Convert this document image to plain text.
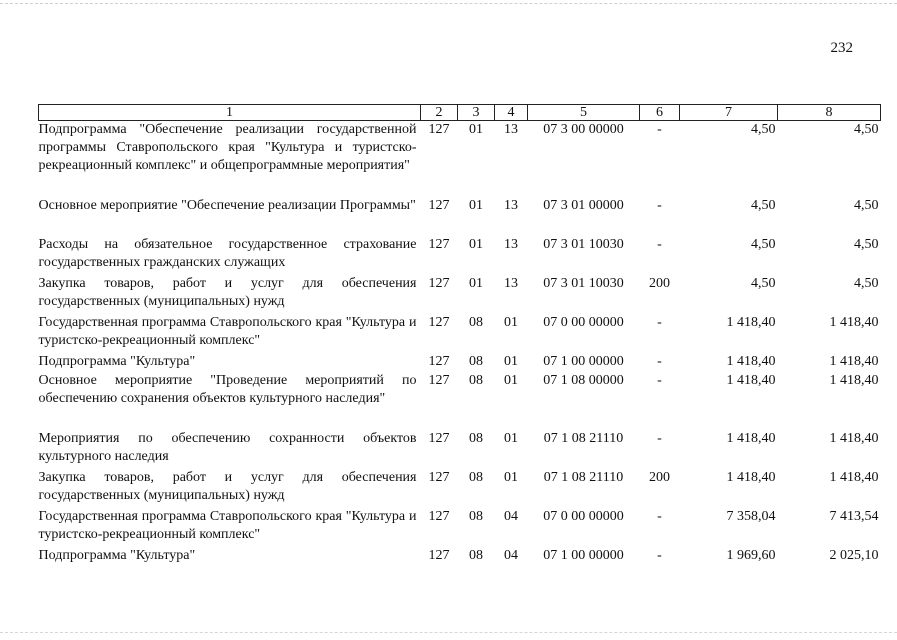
232
1	2	3	4	5	6	7	8
Подпрограмма "Обеспечение реализации государственной программы Ставропольского края "Культура и туристско-рекреационный комплекс" и общепрограммные мероприятия"	127	01	13	07 3 00 00000	-	4,50	4,50
Основное мероприятие "Обеспечение реализации Программы"	127	01	13	07 3 01 00000	-	4,50	4,50
Расходы на обязательное государственное страхование государственных гражданских служащих	127	01	13	07 3 01 10030	-	4,50	4,50
Закупка товаров, работ и услуг для обеспечения государственных (муниципальных) нужд	127	01	13	07 3 01 10030	200	4,50	4,50
Государственная программа Ставропольского края "Культура и туристско-рекреационный комплекс"	127	08	01	07 0 00 00000	-	1 418,40	1 418,40
Подпрограмма "Культура"	127	08	01	07 1 00 00000	-	1 418,40	1 418,40
Основное мероприятие "Проведение мероприятий по обеспечению сохранения объектов культурного наследия"	127	08	01	07 1 08 00000	-	1 418,40	1 418,40
Мероприятия по обеспечению сохранности объектов культурного наследия	127	08	01	07 1 08 21110	-	1 418,40	1 418,40
Закупка товаров, работ и услуг для обеспечения государственных (муниципальных) нужд	127	08	01	07 1 08 21110	200	1 418,40	1 418,40
Государственная программа Ставропольского края "Культура и туристско-рекреационный комплекс"	127	08	04	07 0 00 00000	-	7 358,04	7 413,54
Подпрограмма "Культура"	127	08	04	07 1 00 00000	-	1 969,60	2 025,10
